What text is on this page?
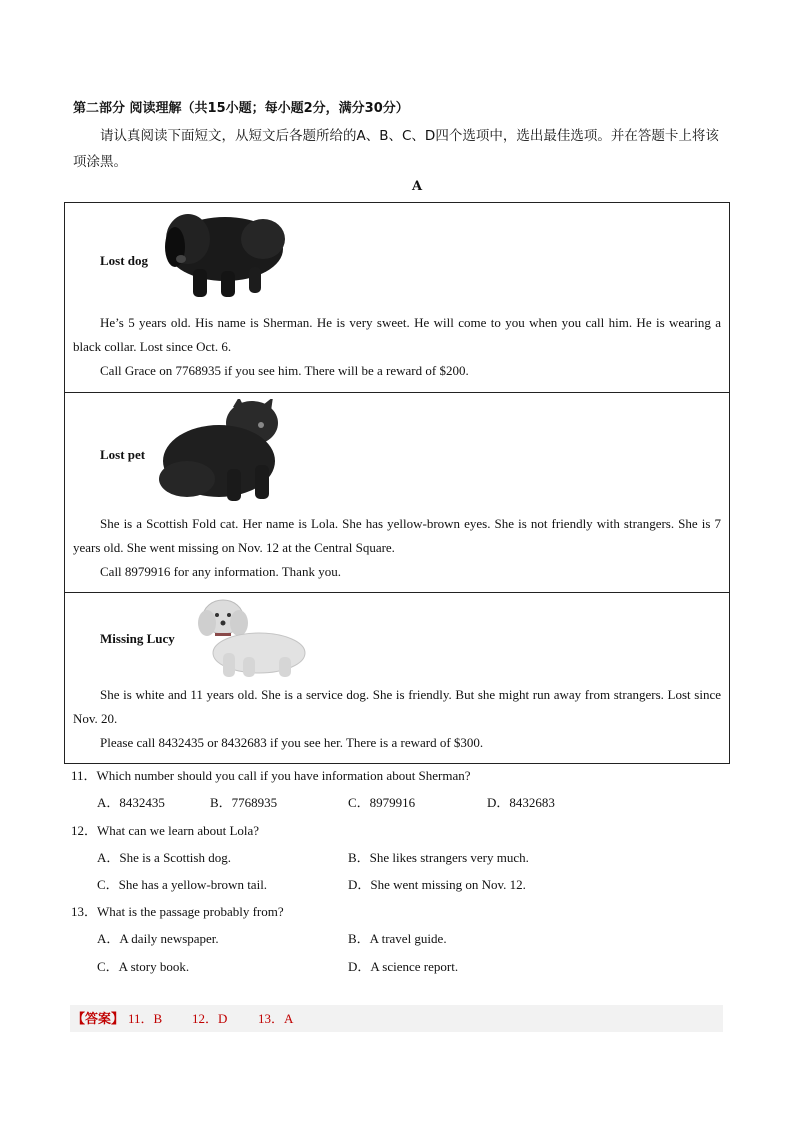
第二部分 阅读理解（共15小题；每小题2分，满分30分）
请认真阅读下面短文，从短文后各题所给的A、B、C、D四个选项中，选出最佳选项。并在答题卡上将该项涂黑。
A
Lost dog

He’s 5 years old. His name is Sherman. He is very sweet. He will come to you when you call him. He is wearing a black collar. Lost since Oct. 6.

Call Grace on 7768935 if you see him. There will be a reward of $200.

Lost pet

She is a Scottish Fold cat. Her name is Lola. She has yellow-brown eyes. She is not friendly with strangers. She is 7 years old. She went missing on Nov. 12 at the Central Square.

Call 8979916 for any information. Thank you.

Missing Lucy

She is white and 11 years old. She is a service dog. She is friendly. But she might run away from strangers. Lost since Nov. 20.

Please call 8432435 or 8432683 if you see her. There is a reward of $300.

11．Which number should you call if you have information about Sherman?
A．8432435	B．7768935	C．8979916	D．8432683
12．What can we learn about Lola?
A．She is a Scottish dog.	B．She likes strangers very much.
C．She has a yellow-brown tail.	D．She went missing on Nov. 12.
13．What is the passage probably from?
A．A daily newspaper.	B．A travel guide.
C．A story book.	D．A science report.
【答案】 11．B 12．D 13．A
